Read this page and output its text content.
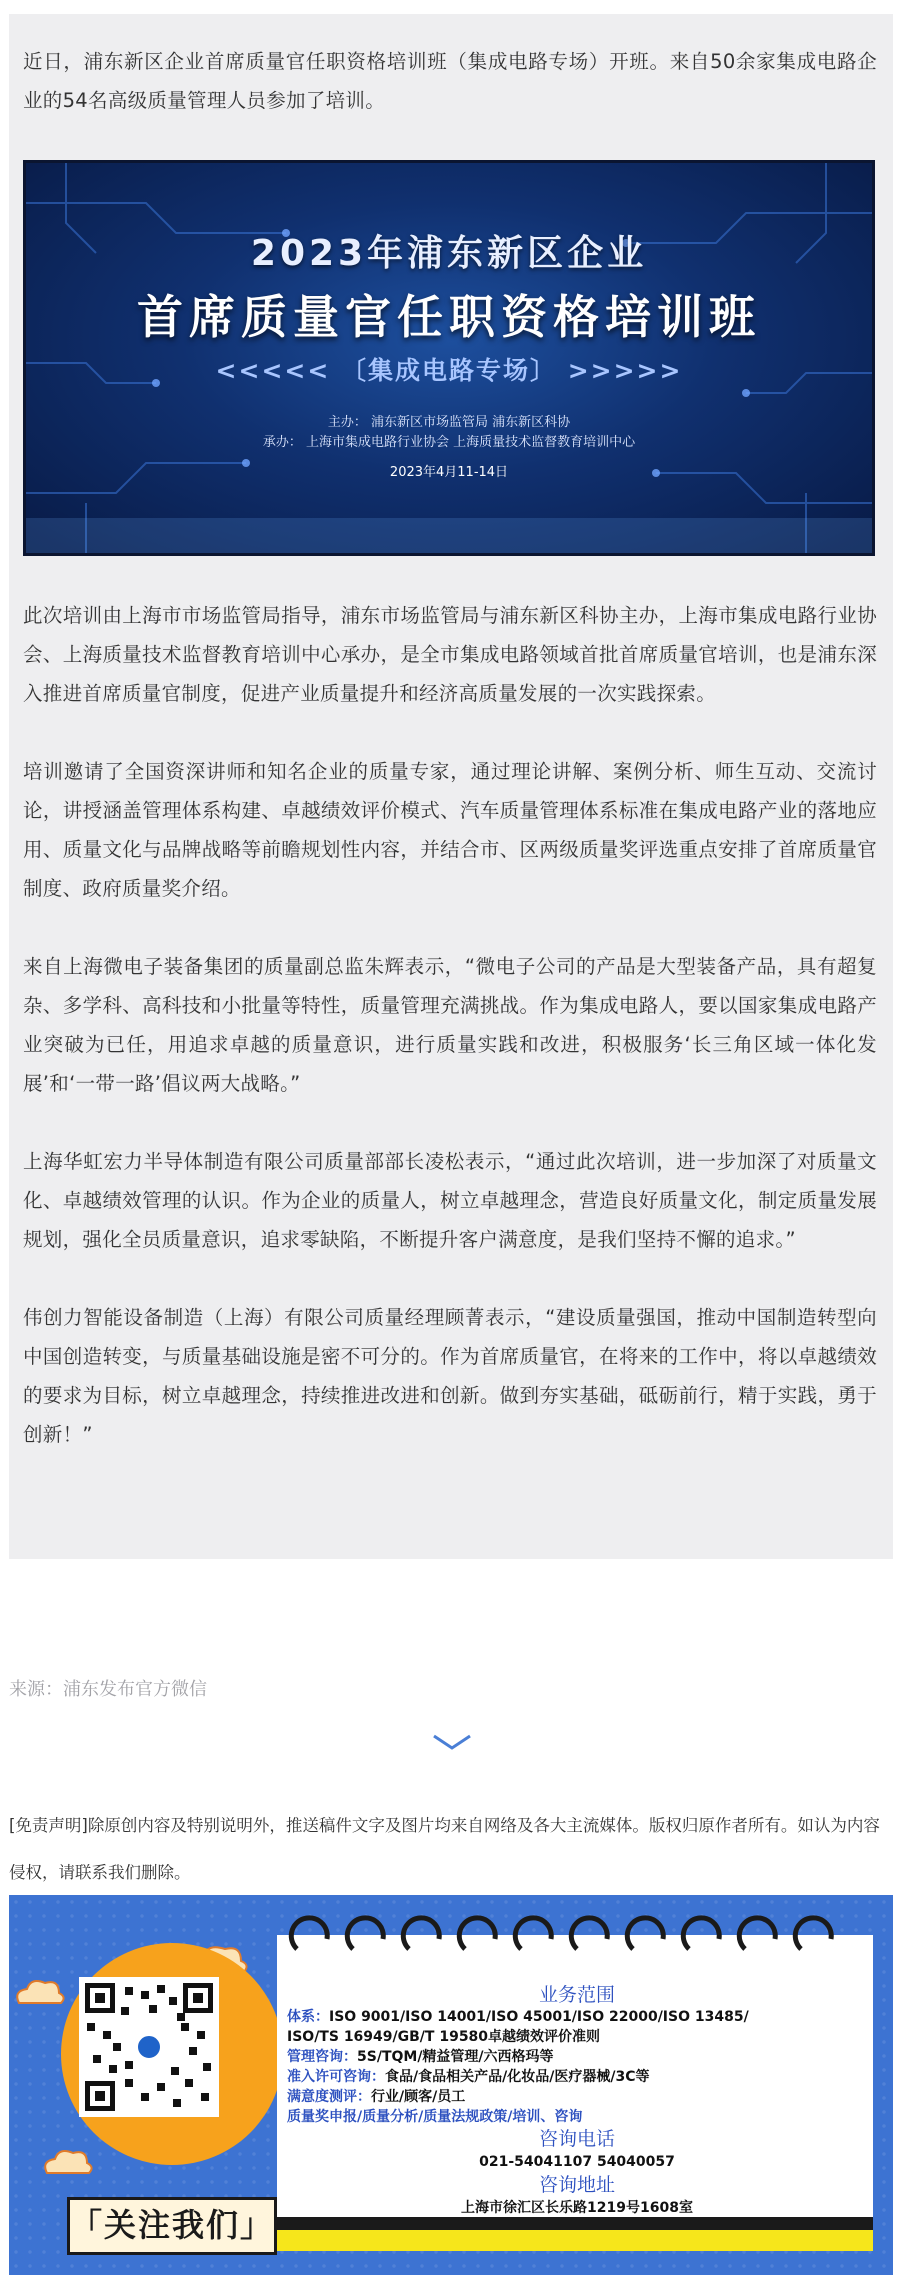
近日，浦东新区企业首席质量官任职资格培训班（集成电路专场）开班。来自50余家集成电路企业的54名高级质量管理人员参加了培训。

2023年浦东新区企业
首席质量官任职资格培训班
<<<<< 〔集成电路专场〕 >>>>>
主办： 浦东新区市场监管局 浦东新区科协
承办： 上海市集成电路行业协会 上海质量技术监督教育培训中心
2023年4月11-14日

此次培训由上海市市场监管局指导，浦东市场监管局与浦东新区科协主办，上海市集成电路行业协会、上海质量技术监督教育培训中心承办，是全市集成电路领域首批首席质量官培训，也是浦东深入推进首席质量官制度，促进产业质量提升和经济高质量发展的一次实践探索。

培训邀请了全国资深讲师和知名企业的质量专家，通过理论讲解、案例分析、师生互动、交流讨论，讲授涵盖管理体系构建、卓越绩效评价模式、汽车质量管理体系标准在集成电路产业的落地应用、质量文化与品牌战略等前瞻规划性内容，并结合市、区两级质量奖评选重点安排了首席质量官制度、政府质量奖介绍。

来自上海微电子装备集团的质量副总监朱辉表示，“微电子公司的产品是大型装备产品，具有超复杂、多学科、高科技和小批量等特性，质量管理充满挑战。作为集成电路人，要以国家集成电路产业突破为已任，用追求卓越的质量意识，进行质量实践和改进，积极服务‘长三角区域一体化发展’和‘一带一路’倡议两大战略。”

上海华虹宏力半导体制造有限公司质量部部长凌松表示，“通过此次培训，进一步加深了对质量文化、卓越绩效管理的认识。作为企业的质量人，树立卓越理念，营造良好质量文化，制定质量发展规划，强化全员质量意识，追求零缺陷，不断提升客户满意度，是我们坚持不懈的追求。”

伟创力智能设备制造（上海）有限公司质量经理顾菁表示，“建设质量强国，推动中国制造转型向中国创造转变，与质量基础设施是密不可分的。作为首席质量官，在将来的工作中，将以卓越绩效的要求为目标，树立卓越理念，持续推进改进和创新。做到夯实基础，砥砺前行，精于实践，勇于创新！”

来源：浦东发布官方微信
[免责声明]除原创内容及特别说明外，推送稿件文字及图片均来自网络及各大主流媒体。版权归原作者所有。如认为内容侵权，请联系我们删除。
「关注我们」
业务范围
体系：ISO 9001/ISO 14001/ISO 45001/ISO 22000/ISO 13485/
ISO/TS 16949/GB/T 19580卓越绩效评价准则
管理咨询：5S/TQM/精益管理/六西格玛等
准入许可咨询：食品/食品相关产品/化妆品/医疗器械/3C等
满意度测评：行业/顾客/员工
质量奖申报/质量分析/质量法规政策/培训、咨询
咨询电话
021-54041107 54040057
咨询地址
上海市徐汇区长乐路1219号1608室
